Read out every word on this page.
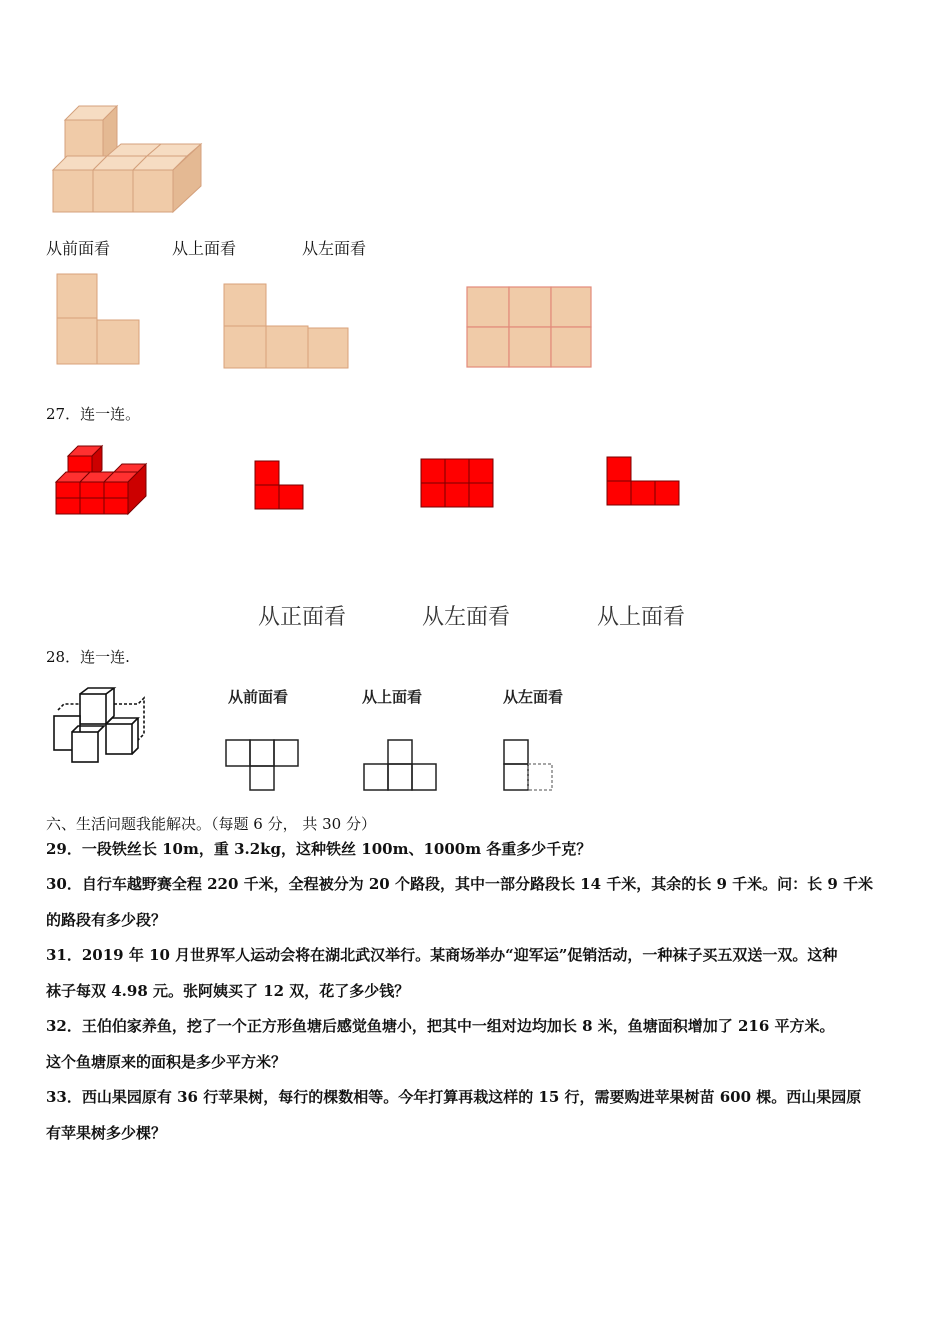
从前面看	从上面看	从左面看
27．连一连。
从正面看	从左面看	从上面看
28．连一连.
从前面看	从上面看	从左面看
六、生活问题我能解决。（每题 6 分， 共 30 分）
29．一段铁丝长 10m，重 3.2kg，这种铁丝 100m、1000m 各重多少千克？
30．自行车越野赛全程 220 千米，全程被分为 20 个路段，其中一部分路段长 14 千米，其余的长 9 千米。问：长 9 千米
的路段有多少段？
31．2019 年 10 月世界军人运动会将在湖北武汉举行。某商场举办“迎军运”促销活动，一种袜子买五双送一双。这种
袜子每双 4.98 元。张阿姨买了 12 双，花了多少钱？
32．王伯伯家养鱼，挖了一个正方形鱼塘后感觉鱼塘小，把其中一组对边均加长 8 米，鱼塘面积增加了 216 平方米。
这个鱼塘原来的面积是多少平方米？
33．西山果园原有 36 行苹果树，每行的棵数相等。今年打算再栽这样的 15 行，需要购进苹果树苗 600 棵。西山果园原
有苹果树多少棵？
